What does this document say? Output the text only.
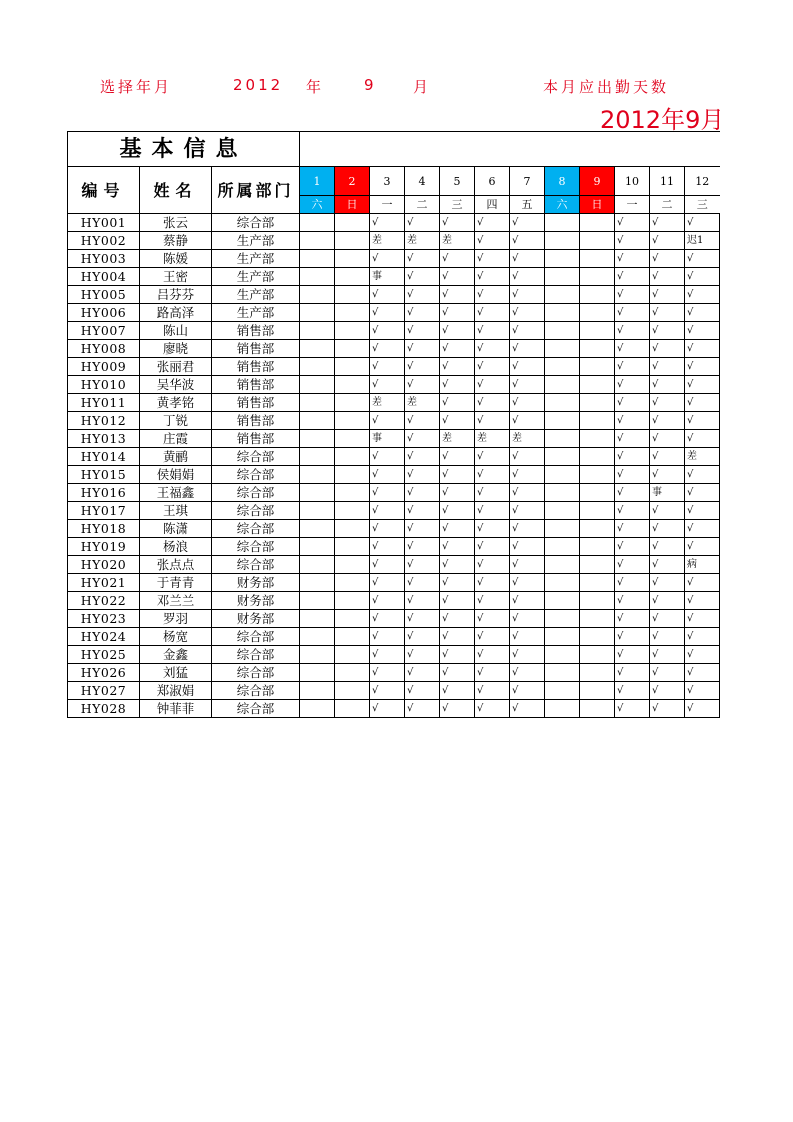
选择年月	2012 年	9 月	本月应出勤天数
2012年9月
基本信息														
编号	姓名	所属部门	1	2	3	4	5	6	7	8	9	10	11	12
			六	日	一	二	三	四	五	六	日	一	二	三
HY001	张云	综合部			√	√	√	√	√			√	√	√
HY002	蔡静	生产部			差	差	差	√	√			√	√	迟1
HY003	陈媛	生产部			√	√	√	√	√			√	√	√
HY004	王密	生产部			事	√	√	√	√			√	√	√
HY005	吕芬芬	生产部			√	√	√	√	√			√	√	√
HY006	路高泽	生产部			√	√	√	√	√			√	√	√
HY007	陈山	销售部			√	√	√	√	√			√	√	√
HY008	廖晓	销售部			√	√	√	√	√			√	√	√
HY009	张丽君	销售部			√	√	√	√	√			√	√	√
HY010	吴华波	销售部			√	√	√	√	√			√	√	√
HY011	黄孝铭	销售部			差	差	√	√	√			√	√	√
HY012	丁锐	销售部			√	√	√	√	√			√	√	√
HY013	庄霞	销售部			事	√	差	差	差			√	√	√
HY014	黄鹂	综合部			√	√	√	√	√			√	√	差
HY015	侯娟娟	综合部			√	√	√	√	√			√	√	√
HY016	王福鑫	综合部			√	√	√	√	√			√	事	√
HY017	王琪	综合部			√	√	√	√	√			√	√	√
HY018	陈潇	综合部			√	√	√	√	√			√	√	√
HY019	杨浪	综合部			√	√	√	√	√			√	√	√
HY020	张点点	综合部			√	√	√	√	√			√	√	病
HY021	于青青	财务部			√	√	√	√	√			√	√	√
HY022	邓兰兰	财务部			√	√	√	√	√			√	√	√
HY023	罗羽	财务部			√	√	√	√	√			√	√	√
HY024	杨宽	综合部			√	√	√	√	√			√	√	√
HY025	金鑫	综合部			√	√	√	√	√			√	√	√
HY026	刘猛	综合部			√	√	√	√	√			√	√	√
HY027	郑淑娟	综合部			√	√	√	√	√			√	√	√
HY028	钟菲菲	综合部			√	√	√	√	√			√	√	√
